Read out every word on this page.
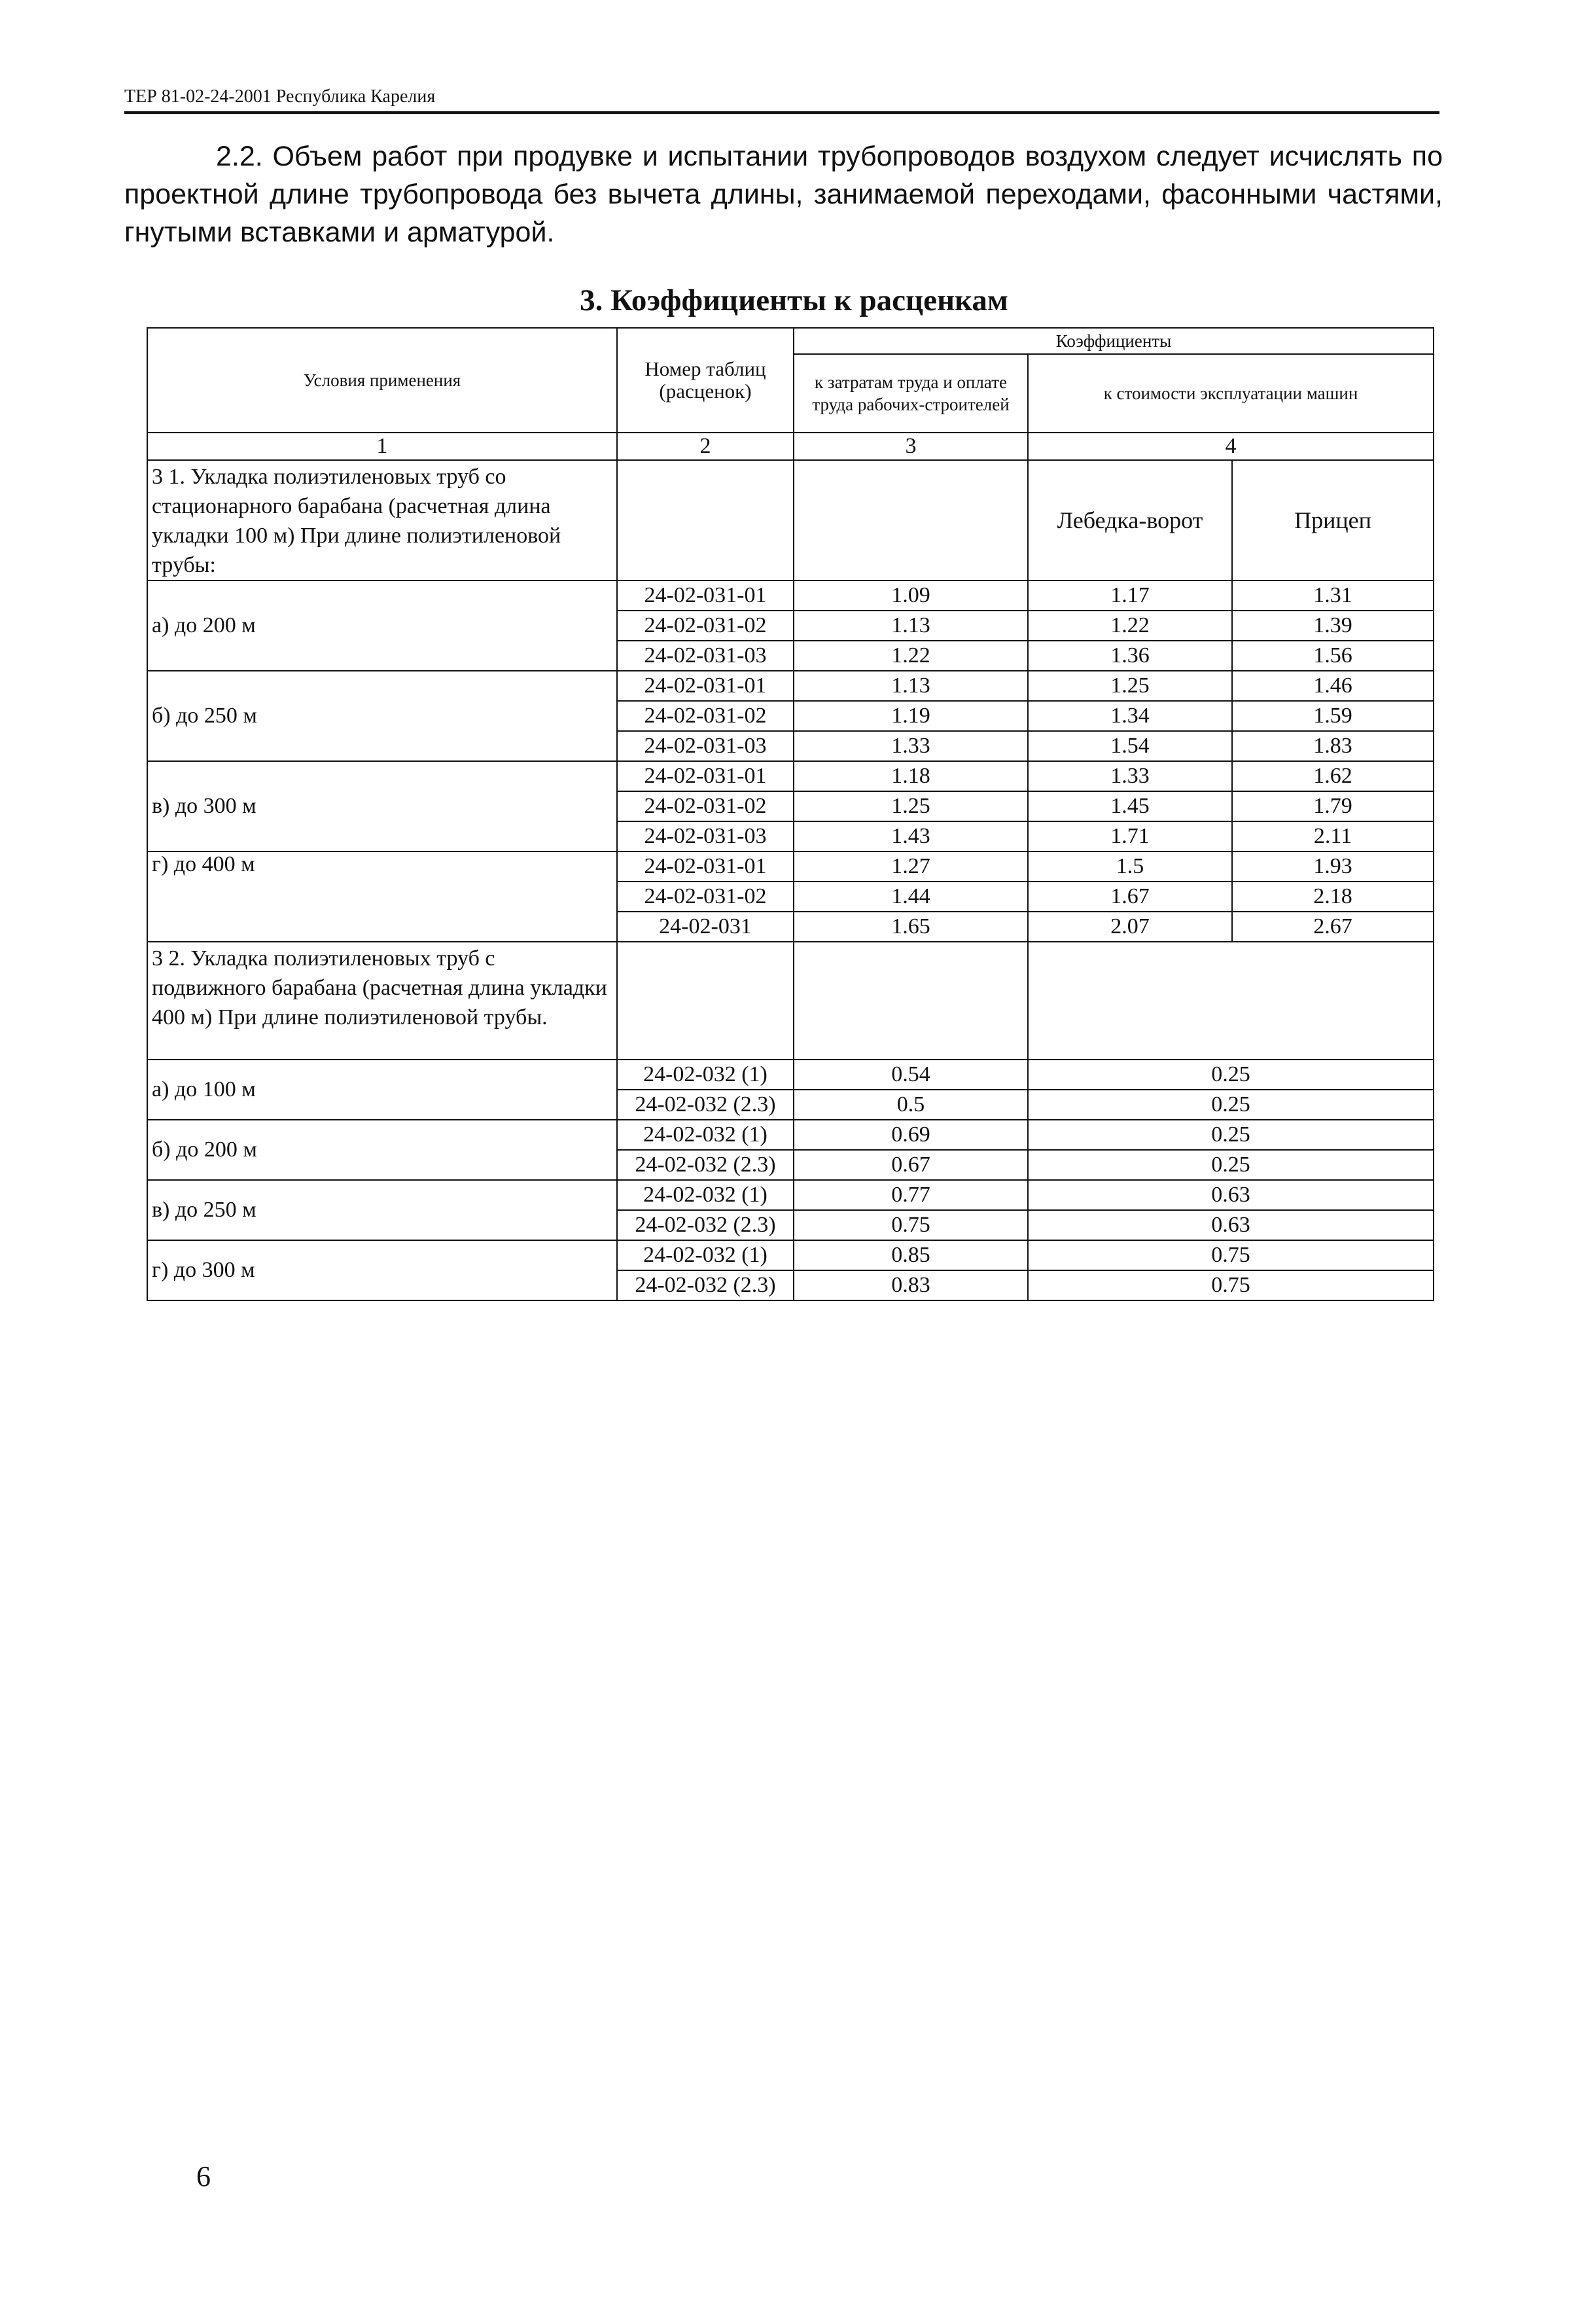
ТЕР 81-02-24-2001 Республика Карелия
2.2. Объем работ при продувке и испытании трубопроводов воздухом следует исчислять по проектной длине трубопровода без вычета длины, занимаемой переходами, фасонными частями, гнутыми вставками и арматурой.
3. Коэффициенты к расценкам
Условия применения	Номер таблиц (расценок)	Коэффициенты		
		к затратам труда и оплате труда рабочих-строителей	к стоимости эксплуатации машин	
1	2	3	4	
3 1. Укладка полиэтиленовых труб со стационарного барабана (расчетная длина укладки 100 м) При длине полиэтиленовой трубы:			Лебедка-ворот	Прицеп
а) до 200 м	24-02-031-01	1.09	1.17	1.31
	24-02-031-02	1.13	1.22	1.39
	24-02-031-03	1.22	1.36	1.56
б) до 250 м	24-02-031-01	1.13	1.25	1.46
	24-02-031-02	1.19	1.34	1.59
	24-02-031-03	1.33	1.54	1.83
в) до 300 м	24-02-031-01	1.18	1.33	1.62
	24-02-031-02	1.25	1.45	1.79
	24-02-031-03	1.43	1.71	2.11
г) до 400 м	24-02-031-01	1.27	1.5	1.93
	24-02-031-02	1.44	1.67	2.18
	24-02-031	1.65	2.07	2.67
3 2. Укладка полиэтиленовых труб с подвижного барабана (расчетная длина укладки 400 м) При длине полиэтиленовой трубы.				
а) до 100 м	24-02-032 (1)	0.54	0.25	
	24-02-032 (2.3)	0.5	0.25	
б) до 200 м	24-02-032 (1)	0.69	0.25	
	24-02-032 (2.3)	0.67	0.25	
в) до 250 м	24-02-032 (1)	0.77	0.63	
	24-02-032 (2.3)	0.75	0.63	
г) до 300 м	24-02-032 (1)	0.85	0.75	
	24-02-032 (2.3)	0.83	0.75	
6
